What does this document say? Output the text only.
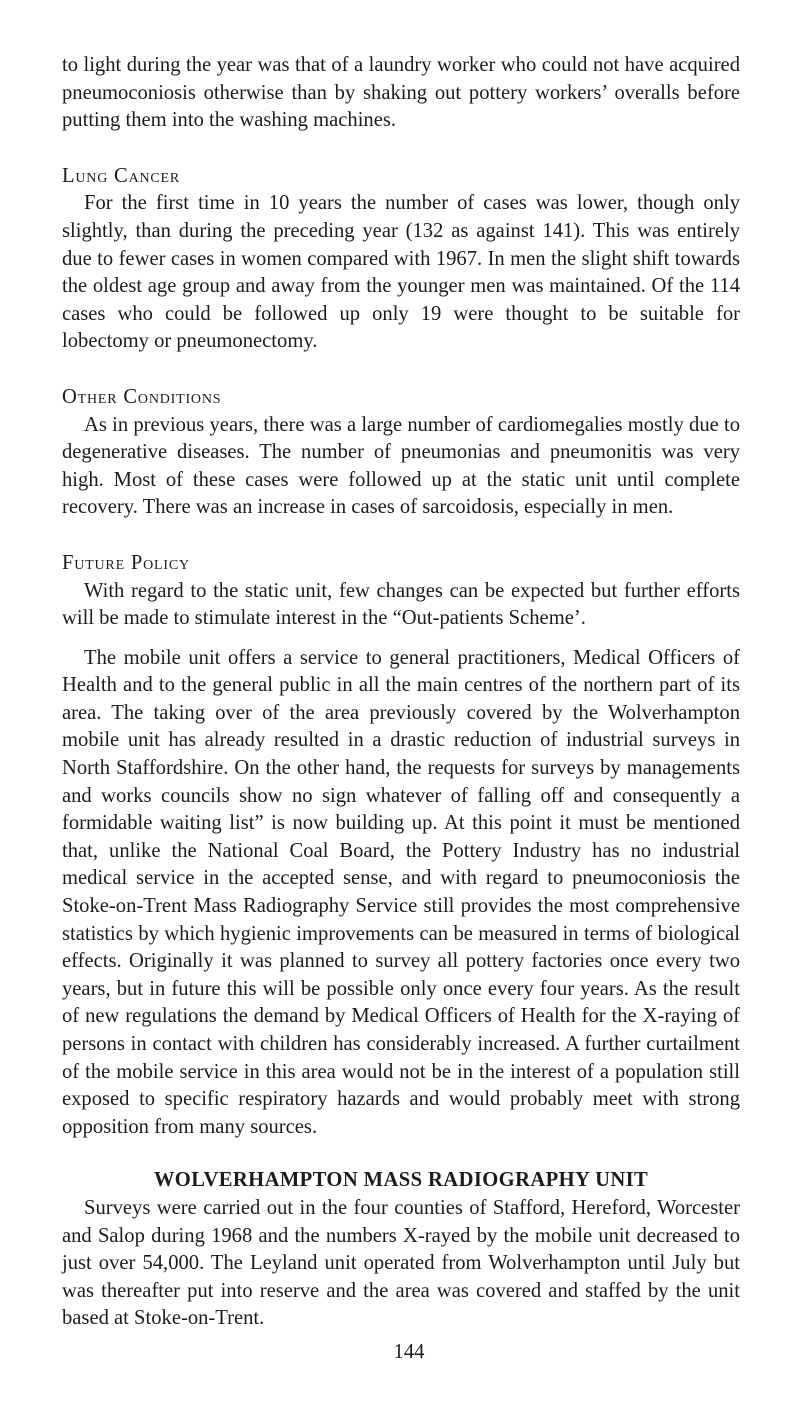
to light during the year was that of a laundry worker who could not have acquired pneumoconiosis otherwise than by shaking out pottery workers’ overalls before putting them into the washing machines.

Lung Cancer

For the first time in 10 years the number of cases was lower, though only slightly, than during the preceding year (132 as against 141). This was entirely due to fewer cases in women compared with 1967. In men the slight shift towards the oldest age group and away from the younger men was maintained. Of the 114 cases who could be followed up only 19 were thought to be suitable for lobectomy or pneumonectomy.

Other Conditions

As in previous years, there was a large number of cardiomegalies mostly due to degenerative diseases. The number of pneumonias and pneumonitis was very high. Most of these cases were followed up at the static unit until complete recovery. There was an increase in cases of sarcoidosis, especially in men.

Future Policy

With regard to the static unit, few changes can be expected but further efforts will be made to stimulate interest in the “Out-patients Scheme’.

The mobile unit offers a service to general practitioners, Medical Officers of Health and to the general public in all the main centres of the northern part of its area. The taking over of the area previously covered by the Wolverhampton mobile unit has already resulted in a drastic reduction of industrial surveys in North Staffordshire. On the other hand, the requests for surveys by managements and works councils show no sign whatever of falling off and consequently a formidable waiting list” is now building up. At this point it must be mentioned that, unlike the National Coal Board, the Pottery Industry has no industrial medical service in the accepted sense, and with regard to pneumoconiosis the Stoke-on-Trent Mass Radiography Service still provides the most comprehensive statistics by which hygienic improvements can be measured in terms of biological effects. Originally it was planned to survey all pottery factories once every two years, but in future this will be possible only once every four years. As the result of new regulations the demand by Medical Officers of Health for the X-raying of persons in contact with children has considerably increased. A further curtailment of the mobile service in this area would not be in the interest of a population still exposed to specific respiratory hazards and would probably meet with strong opposition from many sources.

WOLVERHAMPTON MASS RADIOGRAPHY UNIT

Surveys were carried out in the four counties of Stafford, Hereford, Worcester and Salop during 1968 and the numbers X-rayed by the mobile unit decreased to just over 54,000. The Leyland unit operated from Wolverhampton until July but was thereafter put into reserve and the area was covered and staffed by the unit based at Stoke-on-Trent.

144
